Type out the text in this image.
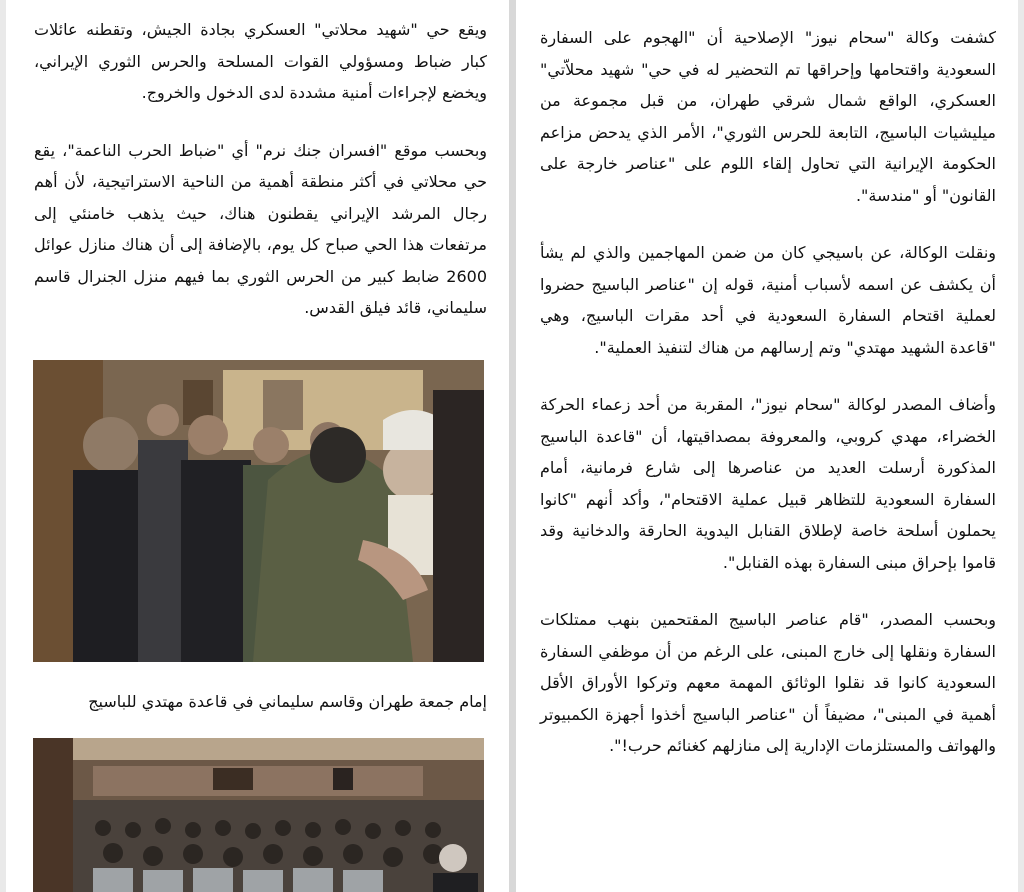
ويقع حي "شهيد محلاتي" العسكري بجادة الجيش، وتقطنه عائلات كبار ضباط ومسؤولي القوات المسلحة والحرس الثوري الإيراني، ويخضع لإجراءات أمنية مشددة لدى الدخول والخروج.

وبحسب موقع "افسران جنك نرم" أي "ضباط الحرب الناعمة"، يقع حي محلاتي في أكثر منطقة أهمية من الناحية الاستراتيجية، لأن أهم رجال المرشد الإيراني يقطنون هناك، حيث يذهب خامنئي إلى مرتفعات هذا الحي صباح كل يوم، بالإضافة إلى أن هناك منازل عوائل 2600 ضابط كبير من الحرس الثوري بما فيهم منزل الجنرال قاسم سليماني، قائد فيلق القدس.

إمام جمعة طهران وقاسم سليماني في قاعدة مهتدي للباسيج

كشفت وكالة "سحام نيوز" الإصلاحية أن "الهجوم على السفارة السعودية واقتحامها وإحراقها تم التحضير له في حي" شهيد محلاّتي" العسكري، الواقع شمال شرقي طهران، من قبل مجموعة من ميليشيات الباسيج، التابعة للحرس الثوري"، الأمر الذي يدحض مزاعم الحكومة الإيرانية التي تحاول إلقاء اللوم على "عناصر خارجة على القانون" أو "مندسة".

ونقلت الوكالة، عن باسيجي كان من ضمن المهاجمين والذي لم يشأ أن يكشف عن اسمه لأسباب أمنية، قوله إن "عناصر الباسيج حضروا لعملية اقتحام السفارة السعودية في أحد مقرات الباسيج، وهي "قاعدة الشهيد مهتدي" وتم إرسالهم من هناك لتنفيذ العملية".

وأضاف المصدر لوكالة "سحام نيوز"، المقربة من أحد زعماء الحركة الخضراء، مهدي كروبي، والمعروفة بمصداقيتها، أن "قاعدة الباسيج المذكورة أرسلت العديد من عناصرها إلى شارع فرمانية، أمام السفارة السعودية للتظاهر قبيل عملية الاقتحام"، وأكد أنهم "كانوا يحملون أسلحة خاصة لإطلاق القنابل اليدوية الحارقة والدخانية وقد قاموا بإحراق مبنى السفارة بهذه القنابل".

وبحسب المصدر، "قام عناصر الباسيج المقتحمين بنهب ممتلكات السفارة ونقلها إلى خارج المبنى، على الرغم من أن موظفي السفارة السعودية كانوا قد نقلوا الوثائق المهمة معهم وتركوا الأوراق الأقل أهمية في المبنى"، مضيفاً أن "عناصر الباسيج أخذوا أجهزة الكمبيوتر والهواتف والمستلزمات الإدارية إلى منازلهم كغنائم حرب!".
